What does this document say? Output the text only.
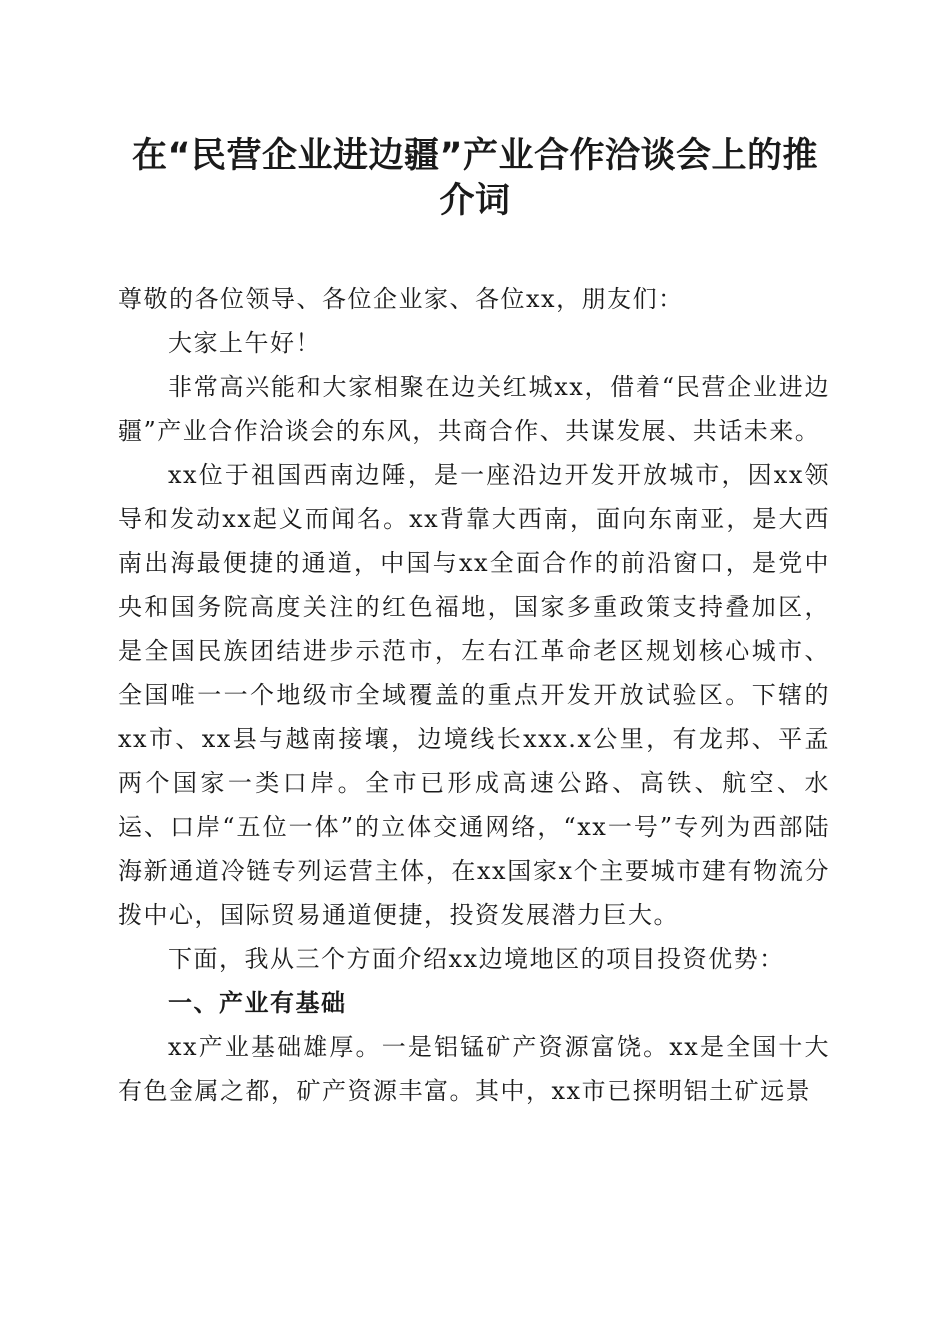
在“民营企业进边疆”产业合作洽谈会上的推
介词

尊敬的各位领导、各位企业家、各位xx，朋友们：

大家上午好！

非常高兴能和大家相聚在边关红城xx，借着“民营企业进边疆”产业合作洽谈会的东风，共商合作、共谋发展、共话未来。

xx位于祖国西南边陲，是一座沿边开发开放城市，因xx领导和发动xx起义而闻名。xx背靠大西南，面向东南亚，是大西南出海最便捷的通道，中国与xx全面合作的前沿窗口，是党中央和国务院高度关注的红色福地，国家多重政策支持叠加区，是全国民族团结进步示范市，左右江革命老区规划核心城市、全国唯一一个地级市全域覆盖的重点开发开放试验区。下辖的xx市、xx县与越南接壤，边境线长xxx.x公里，有龙邦、平孟两个国家一类口岸。全市已形成高速公路、高铁、航空、水运、口岸“五位一体”的立体交通网络，“xx一号”专列为西部陆海新通道冷链专列运营主体，在xx国家x个主要城市建有物流分拨中心，国际贸易通道便捷，投资发展潜力巨大。

下面，我从三个方面介绍xx边境地区的项目投资优势：

一、产业有基础

xx产业基础雄厚。一是铝锰矿产资源富饶。xx是全国十大有色金属之都，矿产资源丰富。其中，xx市已探明铝土矿远景
